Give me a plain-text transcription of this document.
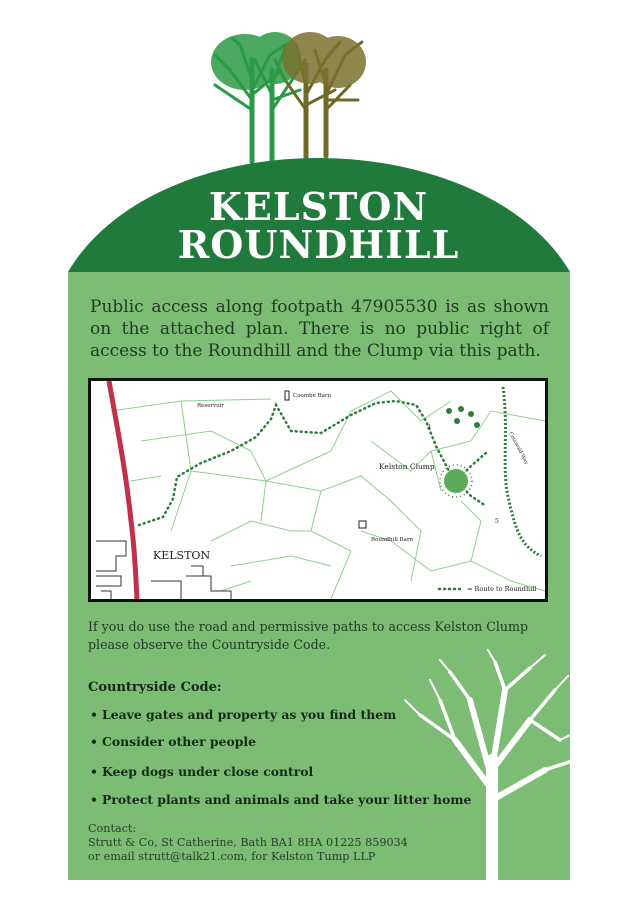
KELSTON
ROUNDHILL
Public access along footpath 47905530 is as shown on the attached plan. There is no public right of access to the Roundhill and the Clump via this path.
Reservoir
Coombe Barn
Kelston Clump
KELSTON
Roundhill Barn
3
5
Cotswold Way
= Route to Roundhill
If you do use the road and permissive paths to access Kelston Clump please observe the Countryside Code.
Countryside Code:
• Leave gates and property as you find them
• Consider other people
• Keep dogs under close control
• Protect plants and animals and take your litter home
Contact:
Strutt & Co, St Catherine, Bath BA1 8HA 01225 859034
or email strutt@talk21.com, for Kelston Tump LLP
